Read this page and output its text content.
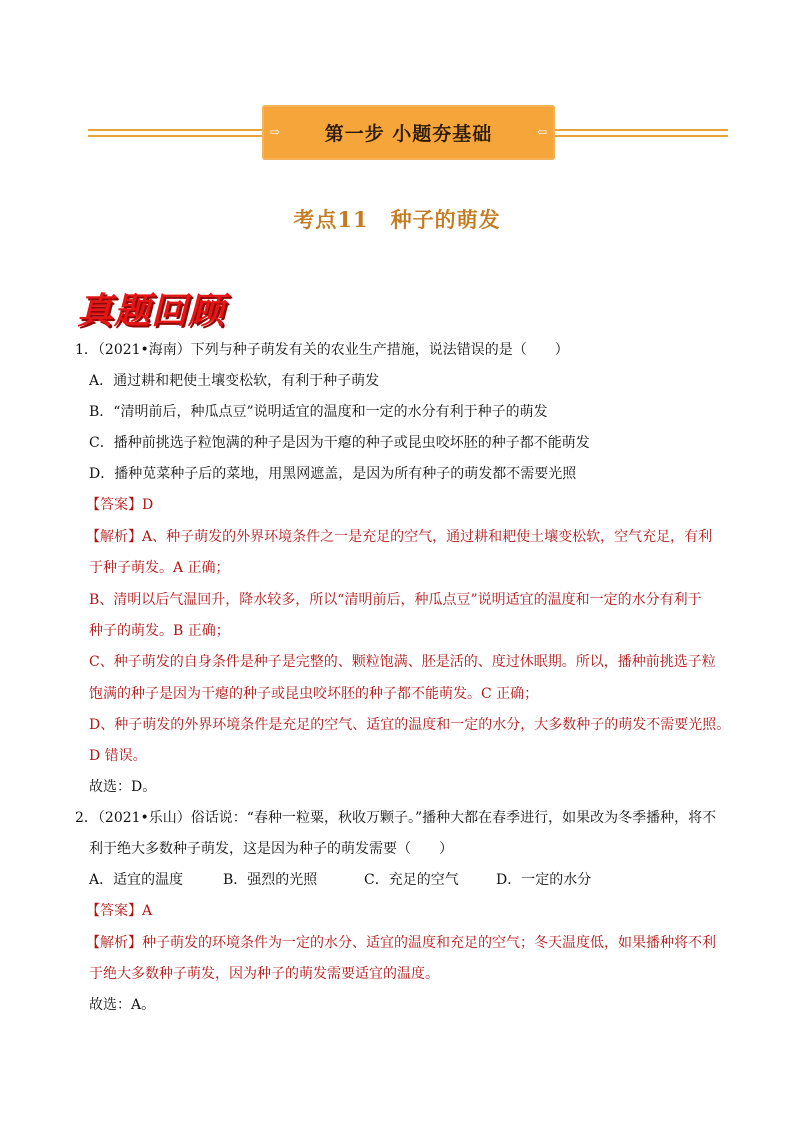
⇨ 第一步 小题夯基础	⇦
考点11　种子的萌发
真题回顾
1．（2021•海南）下列与种子萌发有关的农业生产措施，说法错误的是（　　）
A．通过耕和耙使土壤变松软，有利于种子萌发
B．“清明前后，种瓜点豆”说明适宜的温度和一定的水分有利于种子的萌发
C．播种前挑选子粒饱满的种子是因为干瘪的种子或昆虫咬坏胚的种子都不能萌发
D．播种苋菜种子后的菜地，用黑网遮盖，是因为所有种子的萌发都不需要光照
【答案】D
【解析】A、种子萌发的外界环境条件之一是充足的空气，通过耕和耙使土壤变松软，空气充足，有利
于种子萌发。A 正确；
B、清明以后气温回升，降水较多，所以“清明前后，种瓜点豆”说明适宜的温度和一定的水分有利于
种子的萌发。B 正确；
C、种子萌发的自身条件是种子是完整的、颗粒饱满、胚是活的、度过休眠期。所以，播种前挑选子粒
饱满的种子是因为干瘪的种子或昆虫咬坏胚的种子都不能萌发。C 正确；
D、种子萌发的外界环境条件是充足的空气、适宜的温度和一定的水分，大多数种子的萌发不需要光照。
D 错误。
故选：D。
2．（2021•乐山）俗话说：“春种一粒粟，秋收万颗子。”播种大都在春季进行，如果改为冬季播种，将不
利于绝大多数种子萌发，这是因为种子的萌发需要（　　）
A．适宜的温度	B．强烈的光照	C．充足的空气	D．一定的水分
【答案】A
【解析】种子萌发的环境条件为一定的水分、适宜的温度和充足的空气；冬天温度低，如果播种将不利
于绝大多数种子萌发，因为种子的萌发需要适宜的温度。
故选：A。
